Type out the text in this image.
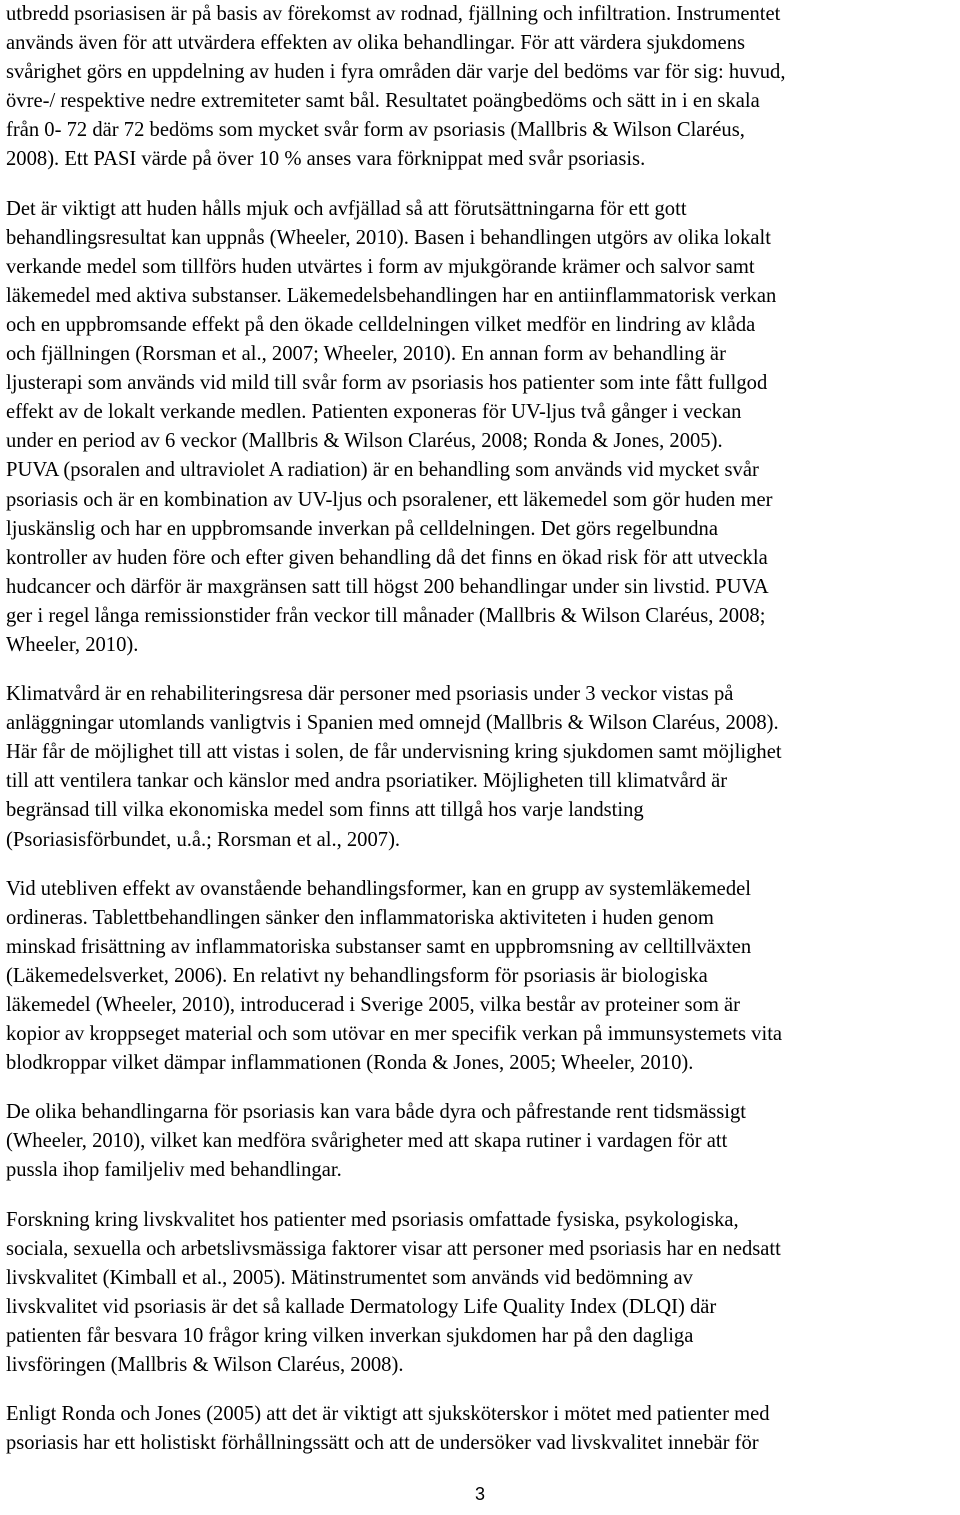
utbredd psoriasisen är på basis av förekomst av rodnad, fjällning och infiltration. Instrumentet
används även för att utvärdera effekten av olika behandlingar. För att värdera sjukdomens
svårighet görs en uppdelning av huden i fyra områden där varje del bedöms var för sig: huvud,
övre-/ respektive nedre extremiteter samt bål. Resultatet poängbedöms och sätt in i en skala
från 0- 72 där 72 bedöms som mycket svår form av psoriasis (Mallbris & Wilson Claréus,
2008). Ett PASI värde på över 10 % anses vara förknippat med svår psoriasis.
Det är viktigt att huden hålls mjuk och avfjällad så att förutsättningarna för ett gott
behandlingsresultat kan uppnås (Wheeler, 2010). Basen i behandlingen utgörs av olika lokalt
verkande medel som tillförs huden utvärtes i form av mjukgörande krämer och salvor samt
läkemedel med aktiva substanser. Läkemedelsbehandlingen har en antiinflammatorisk verkan
och en uppbromsande effekt på den ökade celldelningen vilket medför en lindring av klåda
och fjällningen (Rorsman et al., 2007; Wheeler, 2010). En annan form av behandling är
ljusterapi som används vid mild till svår form av psoriasis hos patienter som inte fått fullgod
effekt av de lokalt verkande medlen. Patienten exponeras för UV-ljus två gånger i veckan
under en period av 6 veckor (Mallbris & Wilson Claréus, 2008; Ronda & Jones, 2005).
PUVA (psoralen and ultraviolet A radiation) är en behandling som används vid mycket svår
psoriasis och är en kombination av UV-ljus och psoralener, ett läkemedel som gör huden mer
ljuskänslig och har en uppbromsande inverkan på celldelningen. Det görs regelbundna
kontroller av huden före och efter given behandling då det finns en ökad risk för att utveckla
hudcancer och därför är maxgränsen satt till högst 200 behandlingar under sin livstid. PUVA
ger i regel långa remissionstider från veckor till månader (Mallbris & Wilson Claréus, 2008;
Wheeler, 2010).
Klimatvård är en rehabiliteringsresa där personer med psoriasis under 3 veckor vistas på
anläggningar utomlands vanligtvis i Spanien med omnejd (Mallbris & Wilson Claréus, 2008).
Här får de möjlighet till att vistas i solen, de får undervisning kring sjukdomen samt möjlighet
till att ventilera tankar och känslor med andra psoriatiker. Möjligheten till klimatvård är
begränsad till vilka ekonomiska medel som finns att tillgå hos varje landsting
(Psoriasisförbundet, u.å.; Rorsman et al., 2007).
Vid utebliven effekt av ovanstående behandlingsformer, kan en grupp av systemläkemedel
ordineras. Tablettbehandlingen sänker den inflammatoriska aktiviteten i huden genom
minskad frisättning av inflammatoriska substanser samt en uppbromsning av celltillväxten
(Läkemedelsverket, 2006). En relativt ny behandlingsform för psoriasis är biologiska
läkemedel (Wheeler, 2010), introducerad i Sverige 2005, vilka består av proteiner som är
kopior av kroppseget material och som utövar en mer specifik verkan på immunsystemets vita
blodkroppar vilket dämpar inflammationen (Ronda & Jones, 2005; Wheeler, 2010).
De olika behandlingarna för psoriasis kan vara både dyra och påfrestande rent tidsmässigt
(Wheeler, 2010), vilket kan medföra svårigheter med att skapa rutiner i vardagen för att
pussla ihop familjeliv med behandlingar.
Forskning kring livskvalitet hos patienter med psoriasis omfattade fysiska, psykologiska,
sociala, sexuella och arbetslivsmässiga faktorer visar att personer med psoriasis har en nedsatt
livskvalitet (Kimball et al., 2005). Mätinstrumentet som används vid bedömning av
livskvalitet vid psoriasis är det så kallade Dermatology Life Quality Index (DLQI) där
patienten får besvara 10 frågor kring vilken inverkan sjukdomen har på den dagliga
livsföringen (Mallbris & Wilson Claréus, 2008).
Enligt Ronda och Jones (2005) att det är viktigt att sjuksköterskor i mötet med patienter med
psoriasis har ett holistiskt förhållningssätt och att de undersöker vad livskvalitet innebär för
3
